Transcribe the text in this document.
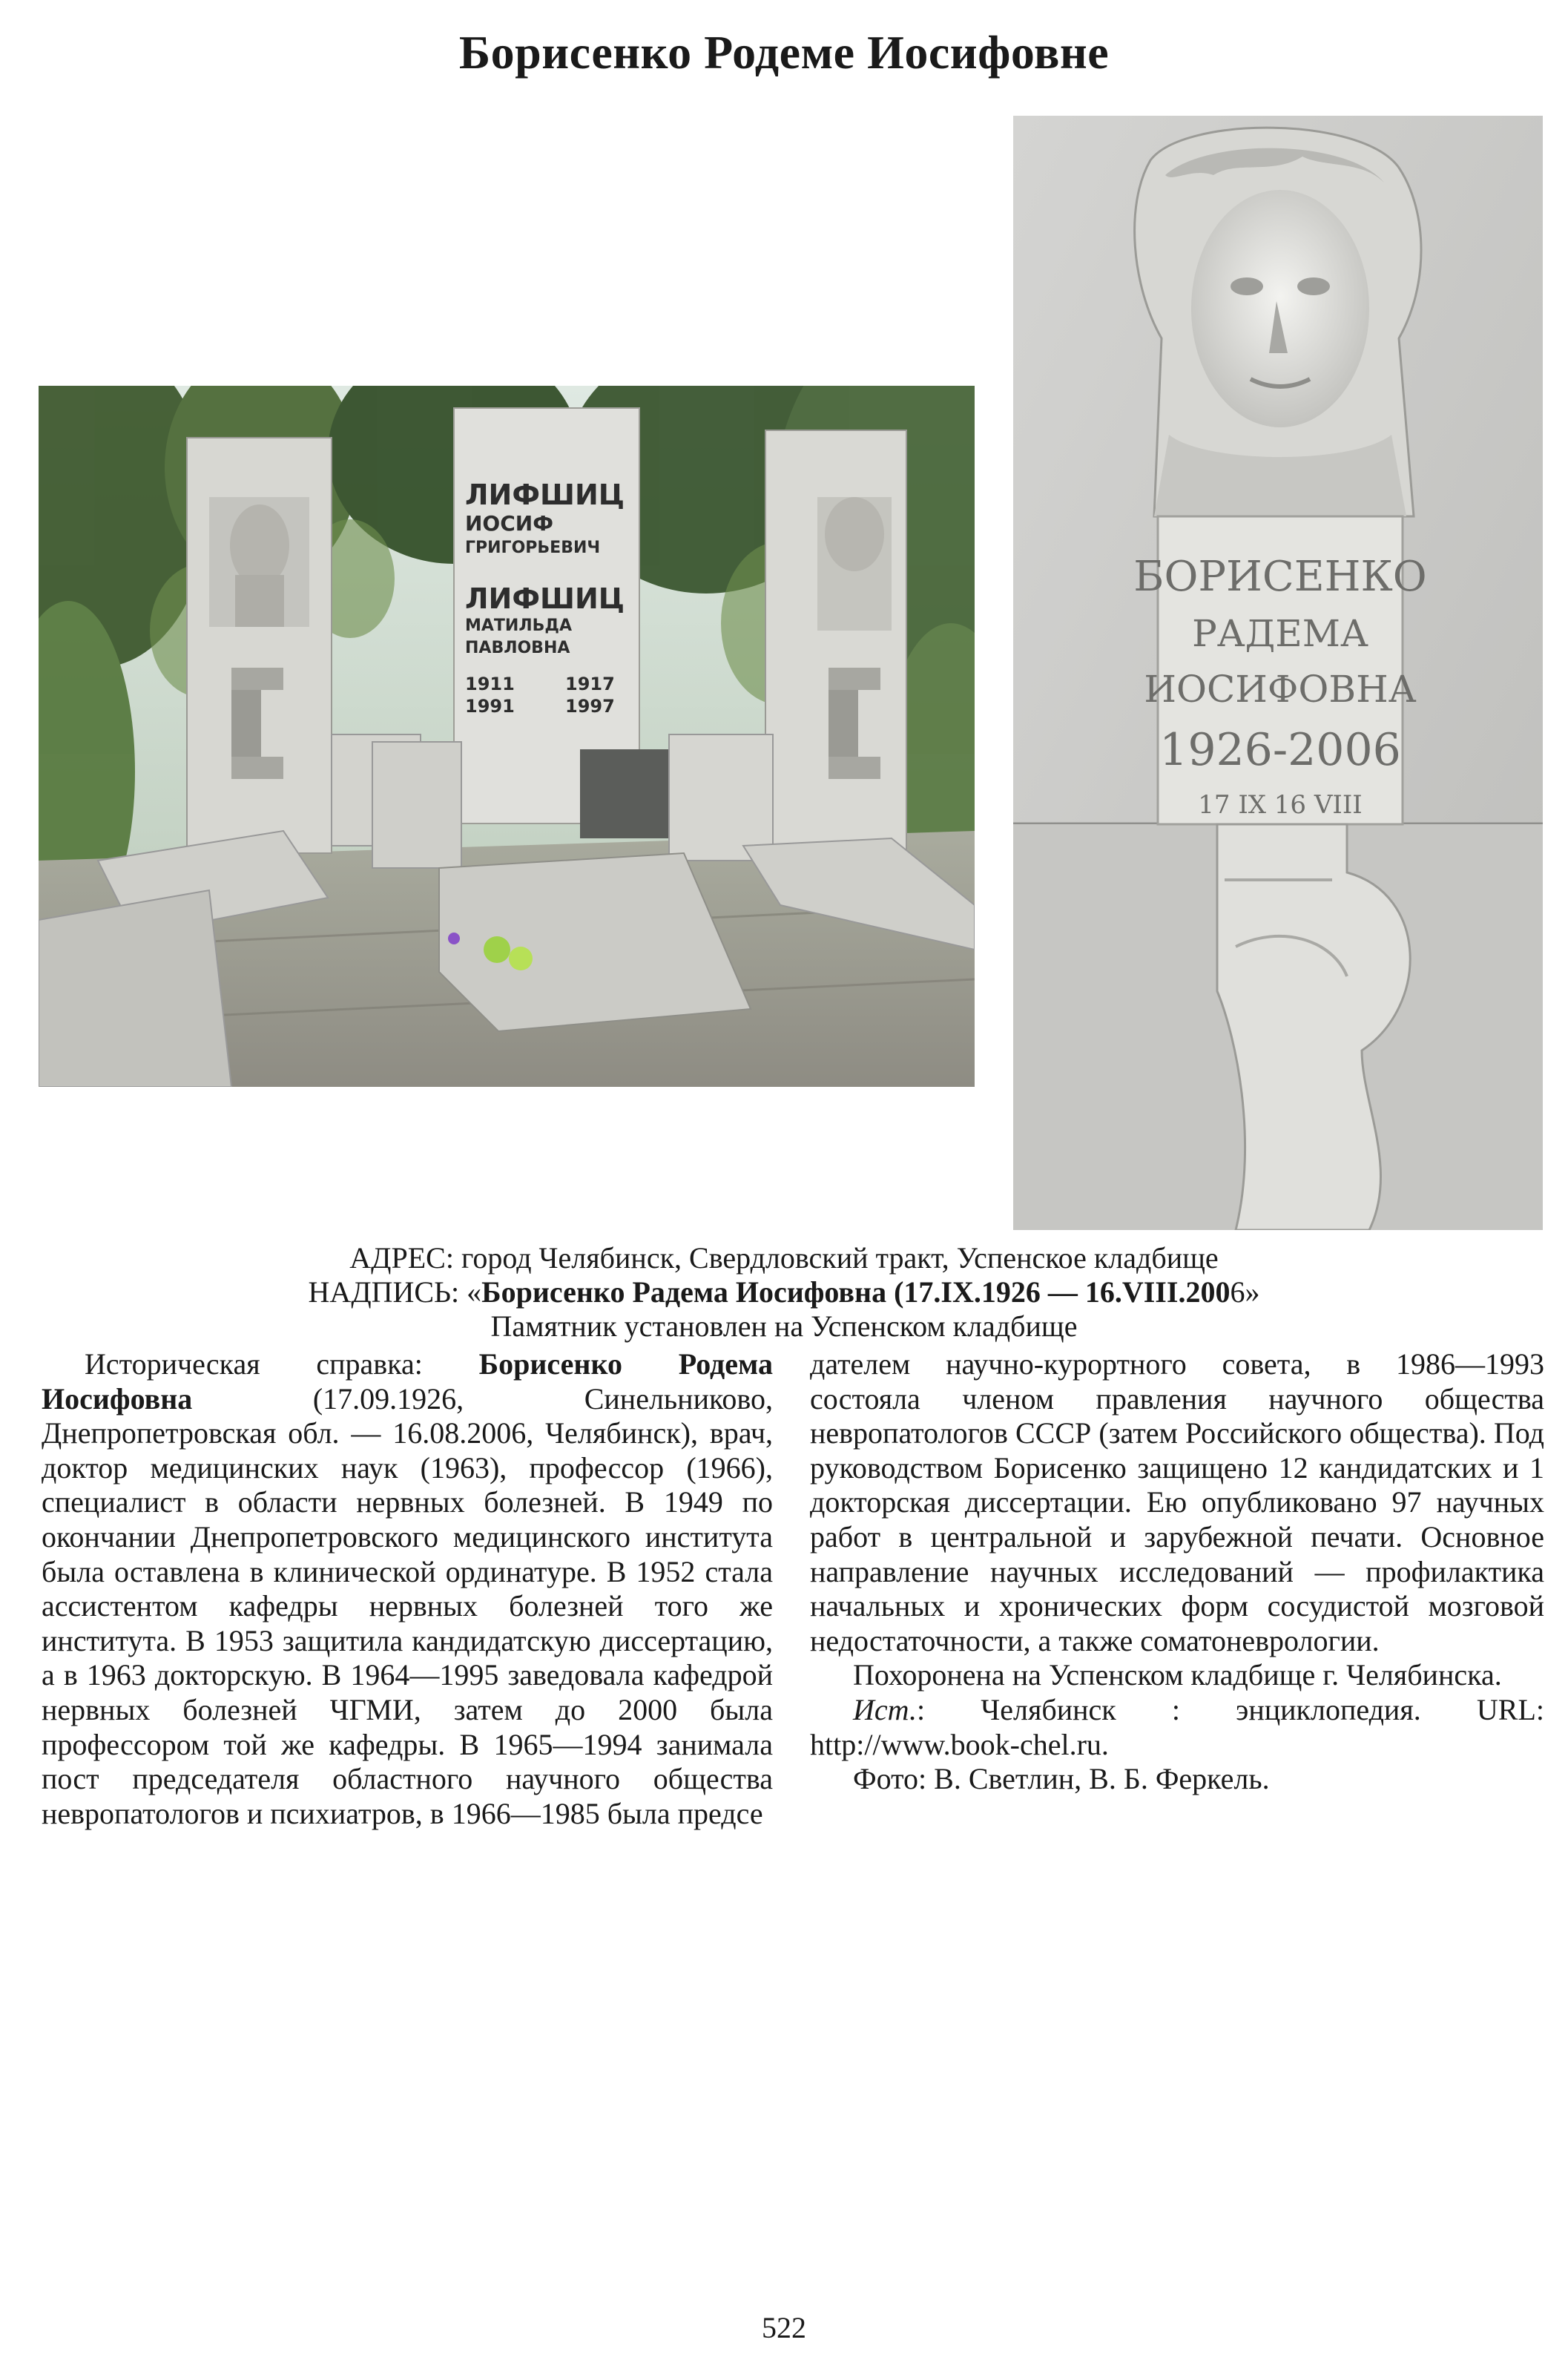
Борисенко Родеме Иосифовне
ЛИФШИЦ
ИОСИФ
ГРИГОРЬЕВИЧ
ЛИФШИЦ
МАТИЛЬДА
ПАВЛОВНА
1911
1991
1917
1997
БОРИСЕНКО
РАДЕМА
ИОСИФОВНА
1926-2006
17 IX 16 VIII
АДРЕС: город Челябинск, Свердловский тракт, Успенское кладбище
НАДПИСЬ: «Борисенко Радема Иосифовна (17.IX.1926 — 16.VIII.2006»
Памятник установлен на Успенском кладбище

Историческая справка: Борисенко Родема Иосифовна (17.09.1926, Синельниково, Днепропетровская обл. — 16.08.2006, Челябинск), врач, доктор медицинских наук (1963), профессор (1966), специалист в области нервных болезней. В 1949 по окончании Днепропетровского медицинского института была оставлена в клинической ординатуре. В 1952 стала ассистентом кафедры нервных болезней того же института. В 1953 защитила кандидатскую диссертацию, а в 1963 докторскую. В 1964—1995 заведовала кафедрой нервных болезней ЧГМИ, затем до 2000 была профессором той же кафедры. В 1965—1994 занимала пост председателя областного научного общества невропатологов и психиатров, в 1966—1985 была предсе

дателем научно-курортного совета, в 1986—1993 состояла членом правления научного общества невропатологов СССР (затем Российского общества). Под руководством Борисенко защищено 12 кандидатских и 1 докторская диссертации. Ею опубликовано 97 научных работ в центральной и зарубежной печати. Основное направление научных исследований — профилактика начальных и хронических форм сосудистой мозговой недостаточности, а также соматоневрологии.

Похоронена на Успенском кладбище г. Челябинска.

Ист.: Челябинск : энциклопедия. URL: http://www.book-chel.ru.

Фото: В. Светлин, В. Б. Феркель.

522
